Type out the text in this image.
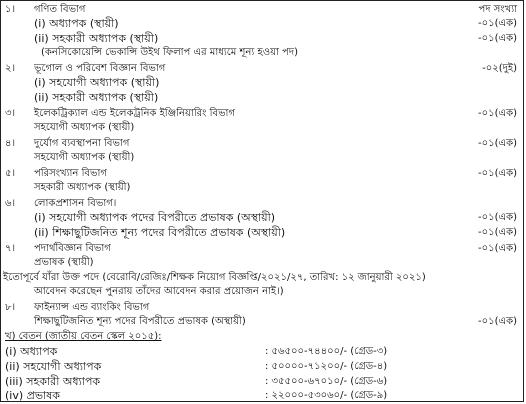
১। গণিত বিভাগ	পদ সংখ্যা
(i) অধ্যাপক (স্থায়ী)	-০১(এক)
(ii) সহকারী অধ্যাপক (স্থায়ী)	-০১(এক)
(কনসিকোয়েন্সি ভেকান্সি উইথ ফিলাপ এর মাধ্যমে শূন্য হওয়া পদ)
২। ভূগোল ও পরিবেশ বিজ্ঞান বিভাগ	-০২(দুই)
(i) সহযোগী অধ্যাপক (স্থায়ী)
(ii) সহকারী অধ্যাপক (স্থায়ী)
৩। ইলেকট্রিক্যাল এন্ড ইলেকট্রনিক ইঞ্জিনিয়ারিং বিভাগ	-০১(এক)
সহযোগী অধ্যাপক (স্থায়ী)
৪। দুর্যোগ ব্যবস্থাপনা বিভাগ	-০১(এক)
সহযোগী অধ্যাপক (স্থায়ী)
৫। পরিসংখ্যান বিভাগ	-০১(এক)
সহকারী অধ্যাপক (স্থায়ী)
৬। লোকপ্রশাসন বিভাগ।
(i) সহযোগী অধ্যাপক পদের বিপরীতে প্রভাষক (অস্থায়ী)	-০১(এক)
(ii) শিক্ষাছুটিজনিত শূন্য পদের বিপরীতে প্রভাষক (অস্থায়ী)	-০১(এক)
৭। পদার্থবিজ্ঞান বিভাগ	-০১(এক)
প্রভাষক (স্থায়ী)
ইতোপূর্বে যাঁরা উক্ত পদে (বেরোবি/রেজিঃ/শিক্ষক নিয়োগ বিজ্ঞপ্তি/২০২১/২৭, তারিখ: ১২ জানুয়ারী ২০২১)
আবেদন করেছেন পুনরায় তাঁদের আবেদন করার প্রয়োজন নাই।)
৮। ফাইন্যান্স এন্ড ব্যাংকিং বিভাগ
শিক্ষাছুটিজনিত শূন্য পদের বিপরীতে প্রভাষক (অস্থায়ী)	-০১(এক)
খ) বেতন (জাতীয় বেতন স্কেল ২০১৫):
(i) অধ্যাপক	: ৫৬৫০০-৭৪৪০০/- (গ্রেড-৩)
(ii) সহযোগী অধ্যাপক	: ৫০০০০-৭১২০০/- (গ্রেড-৪)
(iii) সহকারী অধ্যাপক	: ৩৫৫০০-৬৭০১০/- (গ্রেড-৬)
(iv) প্রভাষক	: ২২০০০-৫৩০৬০/- (গ্রেড-৯)
